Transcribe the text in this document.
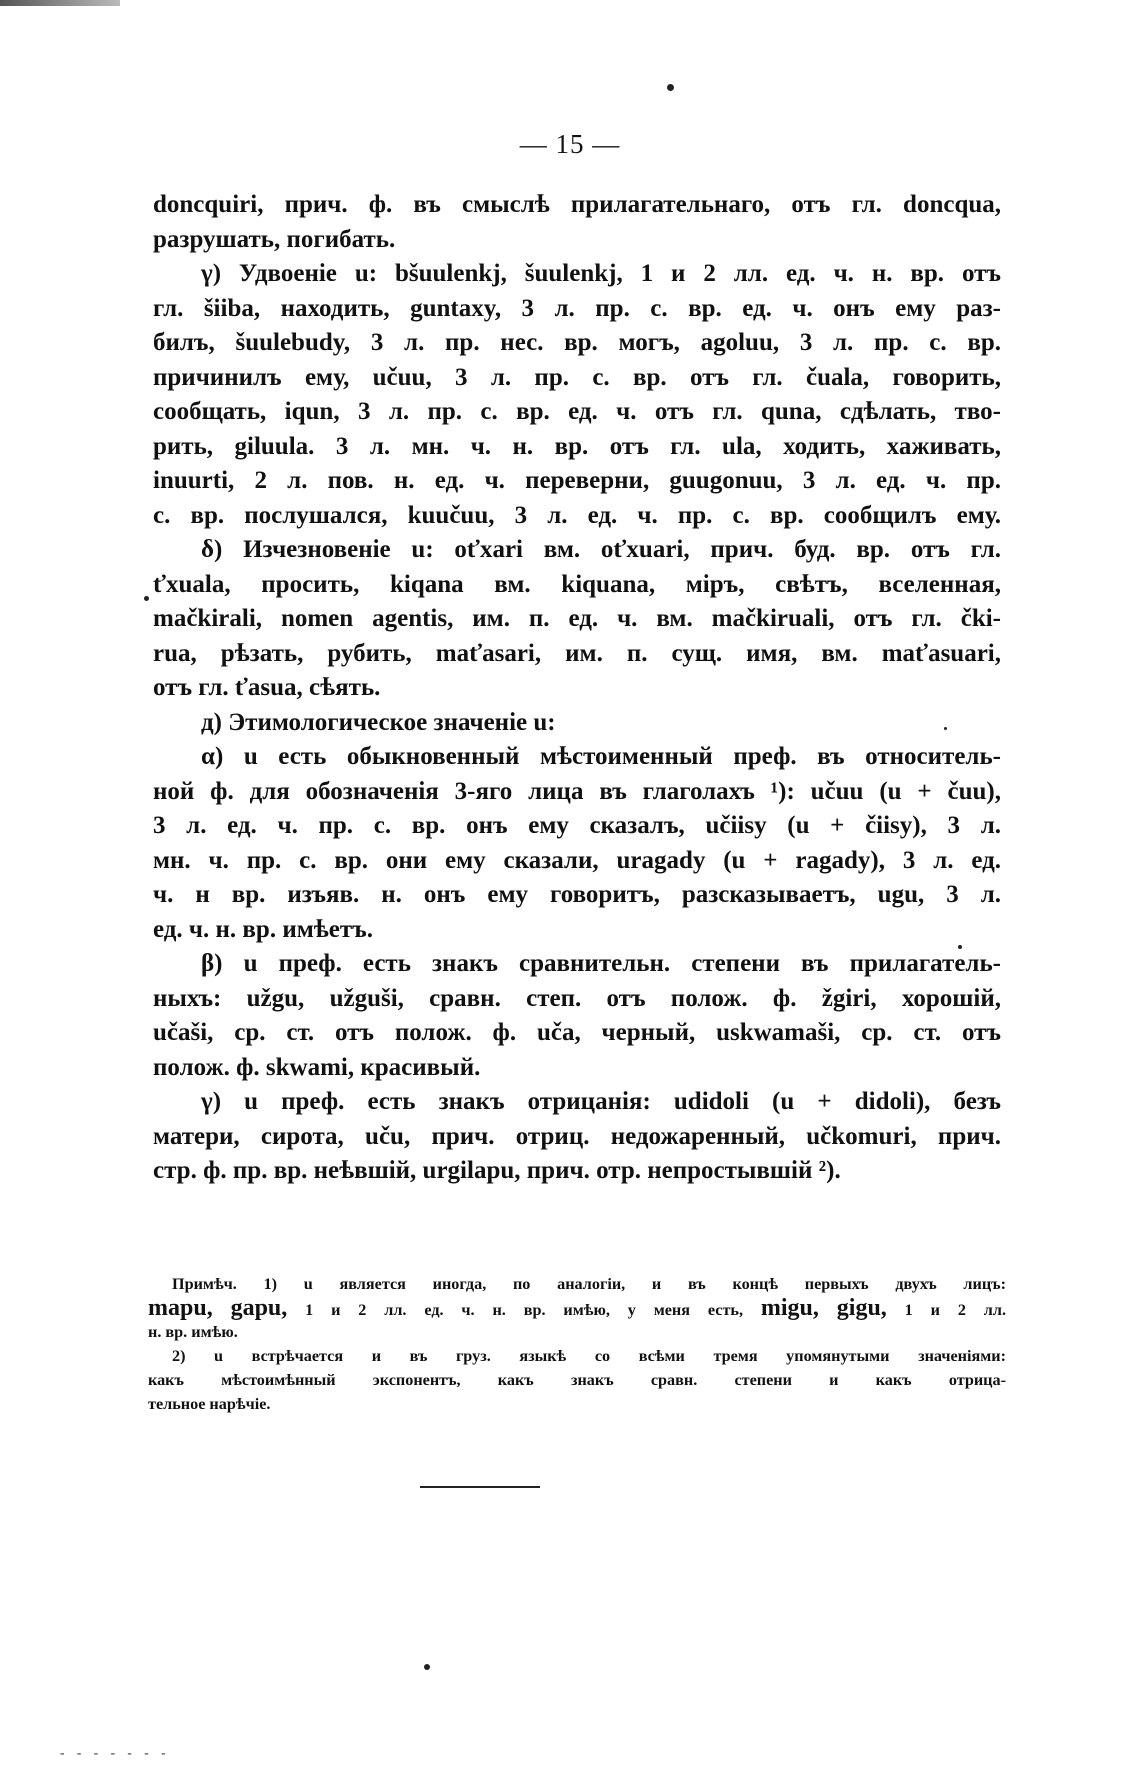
— 15 —
doncquiri, прич. ф. въ смыслѣ прилагательнаго, отъ гл. doncqua,
разрушать, погибать.
γ) Удвоеніе u: bšuulenkj, šuulenkj, 1 и 2 лл. ед. ч. н. вр. отъ
гл. šiiba, находить, guntaxy, 3 л. пр. с. вр. ед. ч. онъ ему раз-
билъ, šuulebudy, 3 л. пр. нес. вр. могъ, agoluu, 3 л. пр. с. вр.
причинилъ ему, učuu, 3 л. пр. с. вр. отъ гл. čuala, говорить,
сообщать, iqun, 3 л. пр. с. вр. ед. ч. отъ гл. qunа, сдѣлать, тво-
рить, giluula. 3 л. мн. ч. н. вр. отъ гл. ula, ходить, хаживать,
inuurti, 2 л. пов. н. ед. ч. переверни, guugonuu, 3 л. ед. ч. пр.
с. вр. послушался, kuučuu, 3 л. ед. ч. пр. с. вр. сообщилъ ему.
δ) Изчезновеніе u: oťxari вм. oťxuari, прич. буд. вр. отъ гл.
ťxuala, просить, kiqana вм. kiquana, міръ, свѣтъ, вселенная,
mačkirali, nomen agentis, им. п. ед. ч. вм. mačkiruali, отъ гл. čki-
rua, рѣзать, рубить, maťasari, им. п. сущ. имя, вм. maťasuari,
отъ гл. ťasua, сѣять.
д) Этимологическое значеніе u:
α) u есть обыкновенный мѣстоименный преф. въ относитель-
ной ф. для обозначенія 3-яго лица въ глаголахъ ¹): učuu (u + čuu),
3 л. ед. ч. пр. с. вр. онъ ему сказалъ, učiisy (u + čiisy), 3 л.
мн. ч. пр. с. вр. они ему сказали, uragady (u + ragady), 3 л. ед.
ч. н вр. изъяв. н. онъ ему говоритъ, разсказываетъ, ugu, 3 л.
ед. ч. н. вр. имѣетъ.
β) u преф. есть знакъ сравнительн. степени въ прилагатель-
ныхъ: užgu, užguši, сравн. степ. отъ полож. ф. žgiri, хорошій,
učaši, ср. ст. отъ полож. ф. uča, черный, uskwamaši, ср. ст. отъ
полож. ф. skwami, красивый.
γ) u преф. есть знакъ отрицанія: udidoli (u + didoli), безъ
матери, сирота, uču, прич. отриц. недожаренный, učkomuri, прич.
стр. ф. пр. вр. неѣвшій, urgilapu, прич. отр. непростывшій ²).
Примѣч. 1) u является иногда, по аналогіи, и въ концѣ первыхъ двухъ лицъ:
mapu, gapu, 1 и 2 лл. ед. ч. н. вр. имѣю, у меня есть, migu, gigu, 1 и 2 лл.
н. вр. имѣю.
2) u встрѣчается и въ груз. языкѣ со всѣми тремя упомянутыми значеніями:
какъ мѣстоимѣнный экспонентъ, какъ знакъ сравн. степени и какъ отрица-
тельное нарѣчіе.
- - - - - - -
